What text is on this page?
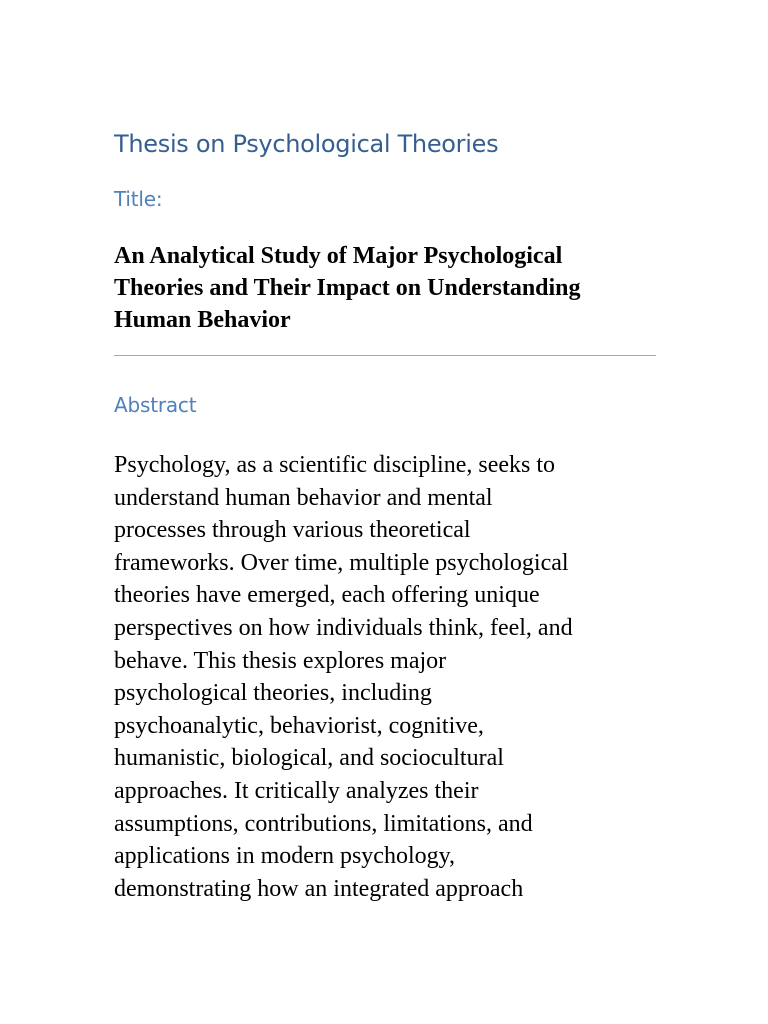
Thesis on Psychological Theories
Title:

An Analytical Study of Major Psychological
Theories and Their Impact on Understanding
Human Behavior

Abstract

Psychology, as a scientific discipline, seeks to
understand human behavior and mental
processes through various theoretical
frameworks. Over time, multiple psychological
theories have emerged, each offering unique
perspectives on how individuals think, feel, and
behave. This thesis explores major
psychological theories, including
psychoanalytic, behaviorist, cognitive,
humanistic, biological, and sociocultural
approaches. It critically analyzes their
assumptions, contributions, limitations, and
applications in modern psychology,
demonstrating how an integrated approach
